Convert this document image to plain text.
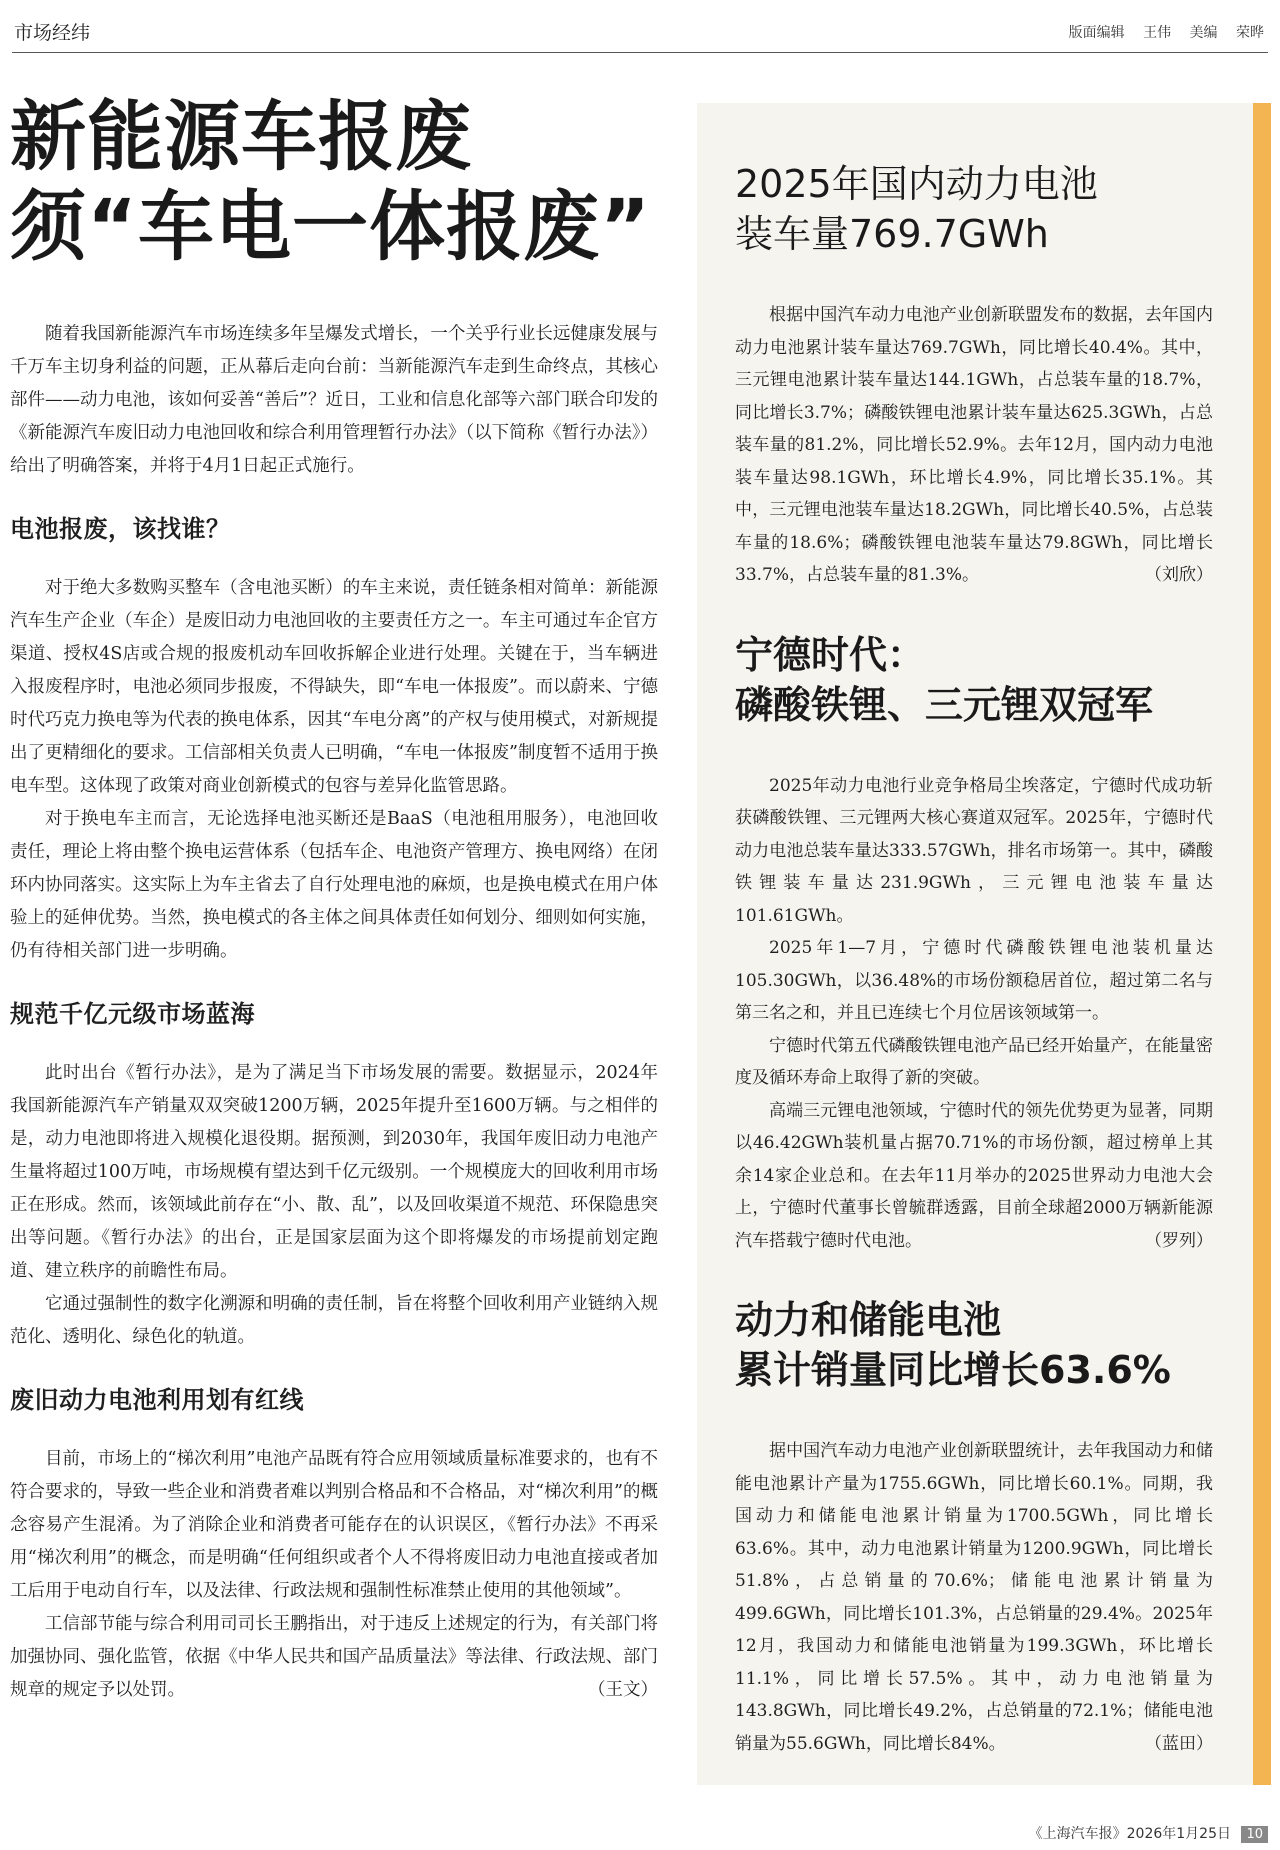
市场经纬	版面编辑 王伟 美编 荣晔
新能源车报废
须“车电一体报废”

随着我国新能源汽车市场连续多年呈爆发式增长，一个关乎行业长远健康发展与千万车主切身利益的问题，正从幕后走向台前：当新能源汽车走到生命终点，其核心部件——动力电池，该如何妥善“善后”？近日，工业和信息化部等六部门联合印发的《新能源汽车废旧动力电池回收和综合利用管理暂行办法》（以下简称《暂行办法》）给出了明确答案，并将于4月1日起正式施行。

电池报废，该找谁？

对于绝大多数购买整车（含电池买断）的车主来说，责任链条相对简单：新能源汽车生产企业（车企）是废旧动力电池回收的主要责任方之一。车主可通过车企官方渠道、授权4S店或合规的报废机动车回收拆解企业进行处理。关键在于，当车辆进入报废程序时，电池必须同步报废，不得缺失，即“车电一体报废”。而以蔚来、宁德时代巧克力换电等为代表的换电体系，因其“车电分离”的产权与使用模式，对新规提出了更精细化的要求。工信部相关负责人已明确，“车电一体报废”制度暂不适用于换电车型。这体现了政策对商业创新模式的包容与差异化监管思路。

对于换电车主而言，无论选择电池买断还是BaaS（电池租用服务），电池回收责任，理论上将由整个换电运营体系（包括车企、电池资产管理方、换电网络）在闭环内协同落实。这实际上为车主省去了自行处理电池的麻烦，也是换电模式在用户体验上的延伸优势。当然，换电模式的各主体之间具体责任如何划分、细则如何实施，仍有待相关部门进一步明确。

规范千亿元级市场蓝海

此时出台《暂行办法》，是为了满足当下市场发展的需要。数据显示，2024年我国新能源汽车产销量双双突破1200万辆，2025年提升至1600万辆。与之相伴的是，动力电池即将进入规模化退役期。据预测，到2030年，我国年废旧动力电池产生量将超过100万吨，市场规模有望达到千亿元级别。一个规模庞大的回收利用市场正在形成。然而，该领域此前存在“小、散、乱”，以及回收渠道不规范、环保隐患突出等问题。《暂行办法》的出台，正是国家层面为这个即将爆发的市场提前划定跑道、建立秩序的前瞻性布局。

它通过强制性的数字化溯源和明确的责任制，旨在将整个回收利用产业链纳入规范化、透明化、绿色化的轨道。

废旧动力电池利用划有红线

目前，市场上的“梯次利用”电池产品既有符合应用领域质量标准要求的，也有不符合要求的，导致一些企业和消费者难以判别合格品和不合格品，对“梯次利用”的概念容易产生混淆。为了消除企业和消费者可能存在的认识误区，《暂行办法》不再采用“梯次利用”的概念，而是明确“任何组织或者个人不得将废旧动力电池直接或者加工后用于电动自行车，以及法律、行政法规和强制性标准禁止使用的其他领域”。

工信部节能与综合利用司司长王鹏指出，对于违反上述规定的行为，有关部门将加强协同、强化监管，依据《中华人民共和国产品质量法》等法律、行政法规、部门规章的规定予以处罚。	（王文）

2025年国内动力电池
装车量769.7GWh

根据中国汽车动力电池产业创新联盟发布的数据，去年国内动力电池累计装车量达769.7GWh，同比增长40.4%。其中，三元锂电池累计装车量达144.1GWh，占总装车量的18.7%，同比增长3.7%；磷酸铁锂电池累计装车量达625.3GWh，占总装车量的81.2%，同比增长52.9%。去年12月，国内动力电池装车量达98.1GWh，环比增长4.9%，同比增长35.1%。其中，三元锂电池装车量达18.2GWh，同比增长40.5%，占总装车量的18.6%；磷酸铁锂电池装车量达79.8GWh，同比增长33.7%，占总装车量的81.3%。	（刘欣）

宁德时代：
磷酸铁锂、三元锂双冠军

2025年动力电池行业竞争格局尘埃落定，宁德时代成功斩获磷酸铁锂、三元锂两大核心赛道双冠军。2025年，宁德时代动力电池总装车量达333.57GWh，排名市场第一。其中，磷酸铁锂装车量达231.9GWh，三元锂电池装车量达101.61GWh。

2025年1—7月，宁德时代磷酸铁锂电池装机量达105.30GWh，以36.48%的市场份额稳居首位，超过第二名与第三名之和，并且已连续七个月位居该领域第一。

宁德时代第五代磷酸铁锂电池产品已经开始量产，在能量密度及循环寿命上取得了新的突破。

高端三元锂电池领域，宁德时代的领先优势更为显著，同期以46.42GWh装机量占据70.71%的市场份额，超过榜单上其余14家企业总和。在去年11月举办的2025世界动力电池大会上，宁德时代董事长曾毓群透露，目前全球超2000万辆新能源汽车搭载宁德时代电池。	（罗列）

动力和储能电池
累计销量同比增长63.6%

据中国汽车动力电池产业创新联盟统计，去年我国动力和储能电池累计产量为1755.6GWh，同比增长60.1%。同期，我国动力和储能电池累计销量为1700.5GWh，同比增长63.6%。其中，动力电池累计销量为1200.9GWh，同比增长51.8%，占总销量的70.6%；储能电池累计销量为499.6GWh，同比增长101.3%，占总销量的29.4%。2025年12月，我国动力和储能电池销量为199.3GWh，环比增长11.1%，同比增长57.5%。其中，动力电池销量为143.8GWh，同比增长49.2%，占总销量的72.1%；储能电池销量为55.6GWh，同比增长84%。	（蓝田）

《上海汽车报》2026年1月25日 10
